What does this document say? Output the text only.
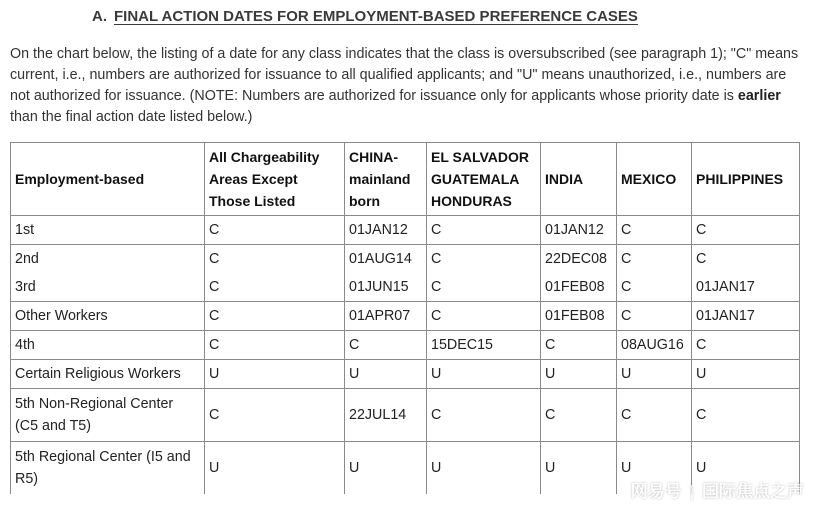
A. FINAL ACTION DATES FOR EMPLOYMENT-BASED PREFERENCE CASES

On the chart below, the listing of a date for any class indicates that the class is oversubscribed (see paragraph 1); "C" means current, i.e., numbers are authorized for issuance to all qualified applicants; and "U" means unauthorized, i.e., numbers are not authorized for issuance. (NOTE: Numbers are authorized for issuance only for applicants whose priority date is earlier than the final action date listed below.)

Employment-based	All Chargeability Areas Except Those Listed	CHINA-mainland born	EL SALVADOR GUATEMALA HONDURAS	INDIA	MEXICO	PHILIPPINES
1st	C	01JAN12	C	01JAN12	C	C
2nd	C	01AUG14	C	22DEC08	C	C
3rd	C	01JUN15	C	01FEB08	C	01JAN17
Other Workers	C	01APR07	C	01FEB08	C	01JAN17
4th	C	C	15DEC15	C	08AUG16	C
Certain Religious Workers	U	U	U	U	U	U
5th Non-Regional Center (C5 and T5)	C	22JUL14	C	C	C	C
5th Regional Center (I5 and R5)	U	U	U	U	U	U
网易号 | 国际焦点之声
